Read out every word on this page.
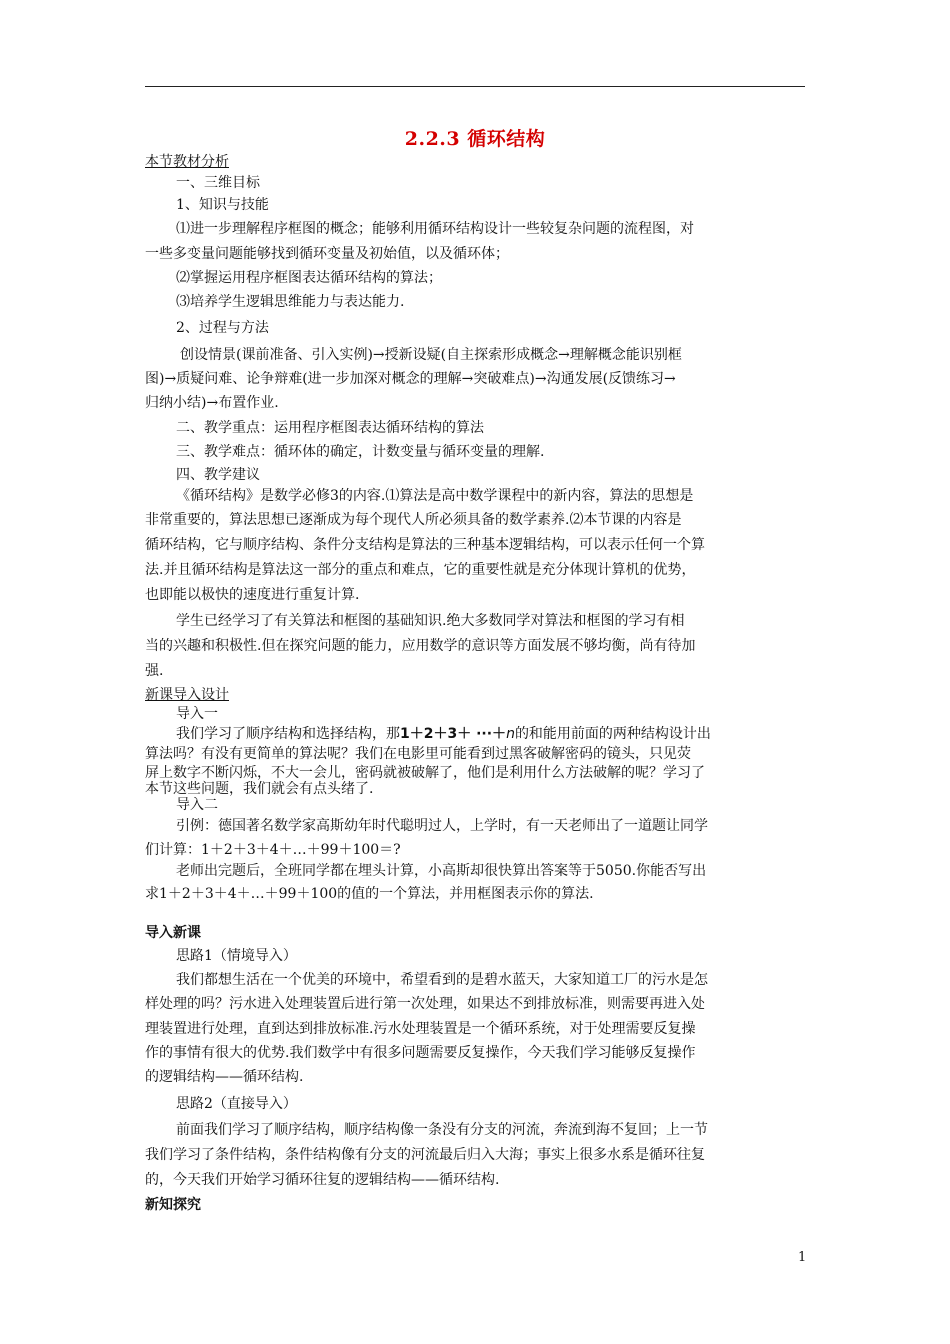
2.2.3 循环结构
本节教材分析
一、三维目标
1、知识与技能
⑴进一步理解程序框图的概念；能够利用循环结构设计一些较复杂问题的流程图，对
一些多变量问题能够找到循环变量及初始值，以及循环体；
⑵掌握运用程序框图表达循环结构的算法；
⑶培养学生逻辑思维能力与表达能力.
2、过程与方法
创设情景(课前准备、引入实例)→授新设疑(自主探索形成概念→理解概念能识别框
图)→质疑问难、论争辩难(进一步加深对概念的理解→突破难点)→沟通发展(反馈练习→
归纳小结)→布置作业.
二、教学重点：运用程序框图表达循环结构的算法
三、教学难点：循环体的确定，计数变量与循环变量的理解.
四、教学建议
《循环结构》是数学必修3的内容.⑴算法是高中数学课程中的新内容，算法的思想是
非常重要的，算法思想已逐渐成为每个现代人所必须具备的数学素养.⑵本节课的内容是
循环结构，它与顺序结构、条件分支结构是算法的三种基本逻辑结构，可以表示任何一个算
法.并且循环结构是算法这一部分的重点和难点，它的重要性就是充分体现计算机的优势，
也即能以极快的速度进行重复计算.
学生已经学习了有关算法和框图的基础知识.绝大多数同学对算法和框图的学习有相
当的兴趣和积极性.但在探究问题的能力，应用数学的意识等方面发展不够均衡，尚有待加
强.
新课导入设计
导入一
我们学习了顺序结构和选择结构，那1＋2＋3＋ ···＋n的和能用前面的两种结构设计出
算法吗？有没有更简单的算法呢？我们在电影里可能看到过黑客破解密码的镜头，只见荧
屏上数字不断闪烁，不大一会儿，密码就被破解了，他们是利用什么方法破解的呢？学习了
本节这些问题，我们就会有点头绪了.
导入二
引例：德国著名数学家高斯幼年时代聪明过人，上学时，有一天老师出了一道题让同学
们计算：1＋2＋3＋4＋…＋99＋100＝?
老师出完题后，全班同学都在埋头计算，小高斯却很快算出答案等于5050.你能否写出
求1＋2＋3＋4＋…＋99＋100的值的一个算法，并用框图表示你的算法.
导入新课
思路1（情境导入）
我们都想生活在一个优美的环境中，希望看到的是碧水蓝天，大家知道工厂的污水是怎
样处理的吗？污水进入处理装置后进行第一次处理，如果达不到排放标准，则需要再进入处
理装置进行处理，直到达到排放标准.污水处理装置是一个循环系统，对于处理需要反复操
作的事情有很大的优势.我们数学中有很多问题需要反复操作，今天我们学习能够反复操作
的逻辑结构——循环结构.
思路2（直接导入）
前面我们学习了顺序结构，顺序结构像一条没有分支的河流，奔流到海不复回；上一节
我们学习了条件结构，条件结构像有分支的河流最后归入大海；事实上很多水系是循环往复
的，今天我们开始学习循环往复的逻辑结构——循环结构.
新知探究
1
